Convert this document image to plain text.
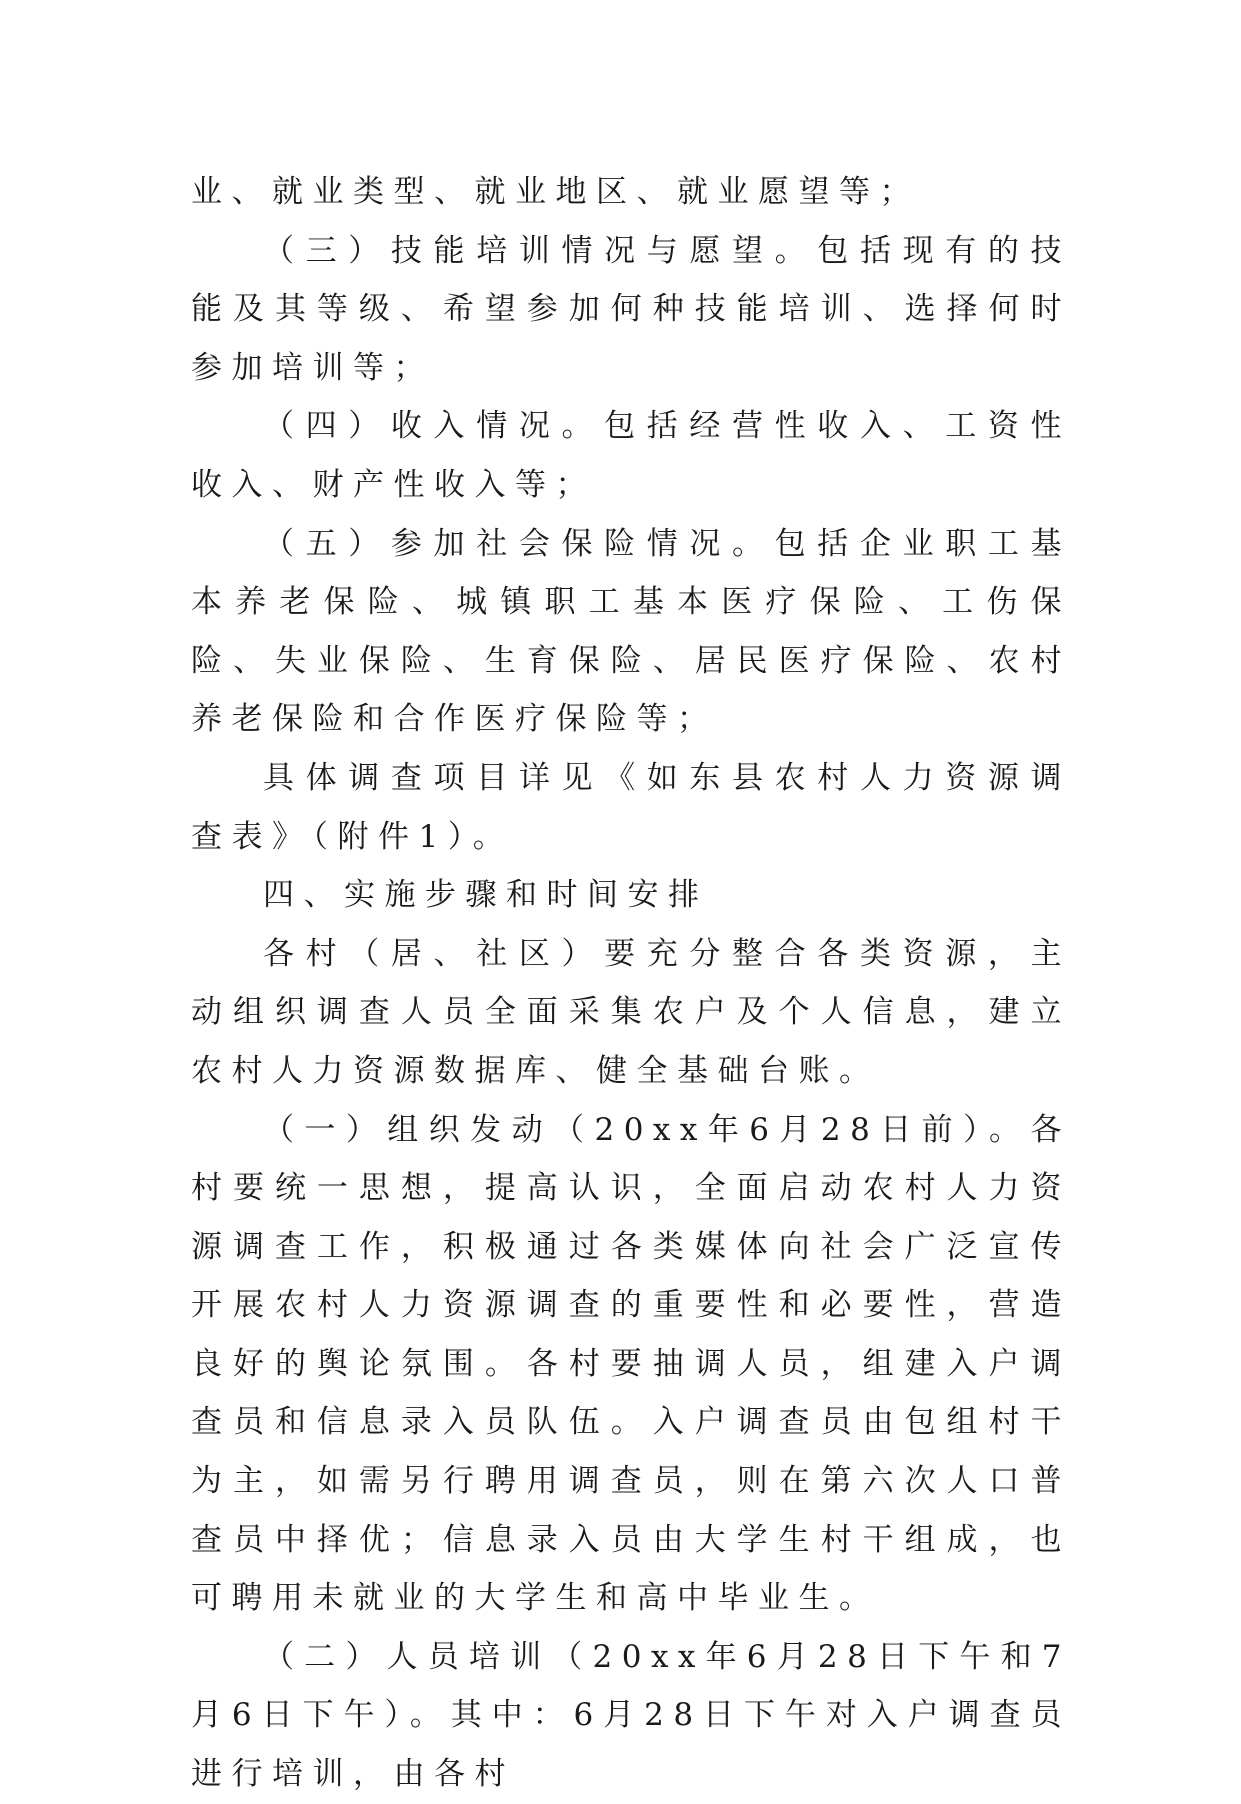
业、就业类型、就业地区、就业愿望等；

（三）技能培训情况与愿望。包括现有的技能及其等级、希望参加何种技能培训、选择何时参加培训等；

（四）收入情况。包括经营性收入、工资性收入、财产性收入等；

（五）参加社会保险情况。包括企业职工基本养老保险、城镇职工基本医疗保险、工伤保险、失业保险、生育保险、居民医疗保险、农村养老保险和合作医疗保险等；

具体调查项目详见《如东县农村人力资源调查表》（附件1）。

四、实施步骤和时间安排

各村（居、社区）要充分整合各类资源，主动组织调查人员全面采集农户及个人信息，建立农村人力资源数据库、健全基础台账。

（一）组织发动（20xx年6月28日前）。各村要统一思想，提高认识，全面启动农村人力资源调查工作，积极通过各类媒体向社会广泛宣传开展农村人力资源调查的重要性和必要性，营造良好的舆论氛围。各村要抽调人员，组建入户调查员和信息录入员队伍。入户调查员由包组村干为主，如需另行聘用调查员，则在第六次人口普查员中择优；信息录入员由大学生村干组成，也可聘用未就业的大学生和高中毕业生。

（二）人员培训（20xx年6月28日下午和7月6日下午）。其中：6月28日下午对入户调查员进行培训，由各村
